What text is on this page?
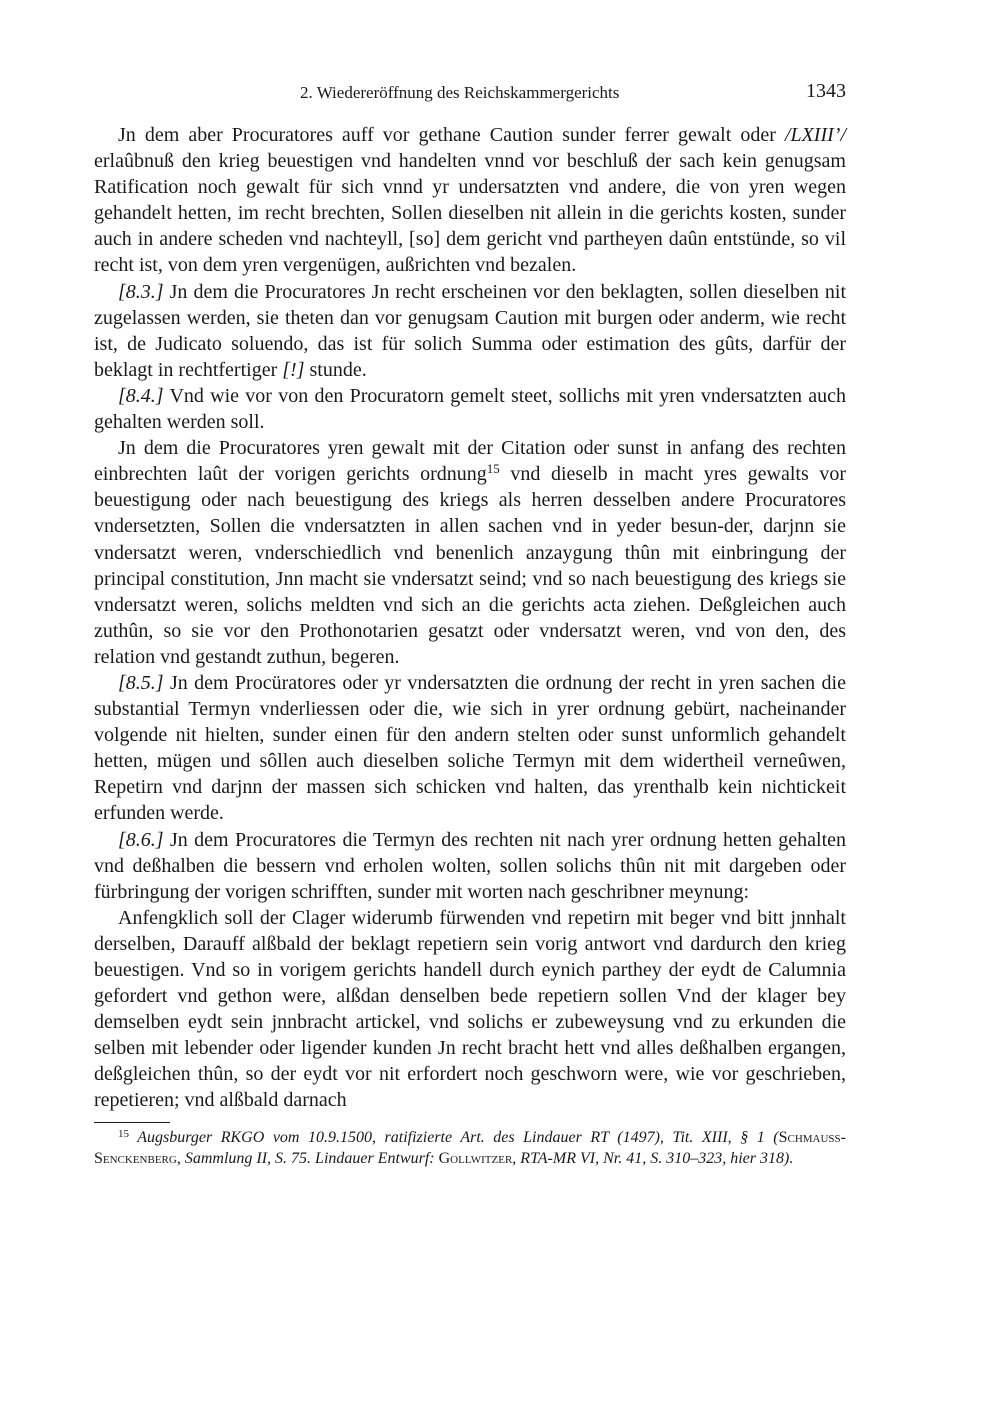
2. Wiedereröffnung des Reichskammergerichts	1343

Jn dem aber Procuratores auff vor gethane Caution sunder ferrer gewalt oder /LXIII’/ erlaûbnuß den krieg beuestigen vnd handelten vnnd vor beschluß der sach kein genugsam Ratification noch gewalt für sich vnnd yr undersatzten vnd andere, die von yren wegen gehandelt hetten, im recht brechten, Sollen dieselben nit allein in die gerichts kosten, sunder auch in andere scheden vnd nachteyll, [so] dem gericht vnd partheyen daûn entstünde, so vil recht ist, von dem yren vergenügen, außrichten vnd bezalen.

[8.3.] Jn dem die Procuratores Jn recht erscheinen vor den beklagten, sollen dieselben nit zugelassen werden, sie theten dan vor genugsam Caution mit burgen oder anderm, wie recht ist, de Judicato soluendo, das ist für solich Summa oder estimation des gûts, darfür der beklagt in rechtfertiger [!] stunde.

[8.4.] Vnd wie vor von den Procuratorn gemelt steet, sollichs mit yren vndersatzten auch gehalten werden soll.

Jn dem die Procuratores yren gewalt mit der Citation oder sunst in anfang des rechten einbrechten laût der vorigen gerichts ordnung$^{15}$ vnd dieselb in macht yres gewalts vor beuestigung oder nach beuestigung des kriegs als herren desselben andere Procuratores vndersetzten, Sollen die vndersatzten in allen sachen vnd in yeder besun-der, darjnn sie vndersatzt weren, vnderschiedlich vnd benenlich anzaygung thûn mit einbringung der principal constitution, Jnn macht sie vndersatzt seind; vnd so nach beuestigung des kriegs sie vndersatzt weren, solichs meldten vnd sich an die gerichts acta ziehen. Deßgleichen auch zuthûn, so sie vor den Prothonotarien gesatzt oder vndersatzt weren, vnd von den, des relation vnd gestandt zuthun, begeren.

[8.5.] Jn dem Procüratores oder yr vndersatzten die ordnung der recht in yren sachen die substantial Termyn vnderliessen oder die, wie sich in yrer ordnung gebürt, nacheinander volgende nit hielten, sunder einen für den andern stelten oder sunst unformlich gehandelt hetten, mügen und sôllen auch dieselben soliche Termyn mit dem widertheil verneûwen, Repetirn vnd darjnn der massen sich schicken vnd halten, das yrenthalb kein nichtickeit erfunden werde.

[8.6.] Jn dem Procuratores die Termyn des rechten nit nach yrer ordnung hetten gehalten vnd deßhalben die bessern vnd erholen wolten, sollen solichs thûn nit mit dargeben oder fürbringung der vorigen schrifften, sunder mit worten nach geschribner meynung:

Anfengklich soll der Clager widerumb fürwenden vnd repetirn mit beger vnd bitt jnnhalt derselben, Darauff alßbald der beklagt repetiern sein vorig antwort vnd dardurch den krieg beuestigen. Vnd so in vorigem gerichts handell durch eynich parthey der eydt de Calumnia gefordert vnd gethon were, alßdan denselben bede repetiern sollen Vnd der klager bey demselben eydt sein jnnbracht artickel, vnd solichs er zubeweysung vnd zu erkunden die selben mit lebender oder ligender kunden Jn recht bracht hett vnd alles deßhalben ergangen, deßgleichen thûn, so der eydt vor nit erfordert noch geschworn were, wie vor geschrieben, repetieren; vnd alßbald darnach

$^{15}$ Augsburger RKGO vom 10.9.1500, ratifizierte Art. des Lindauer RT (1497), Tit. XIII, § 1 (Schmauss-Senckenberg, Sammlung II, S. 75. Lindauer Entwurf: Gollwitzer, RTA-MR VI, Nr. 41, S. 310–323, hier 318).
